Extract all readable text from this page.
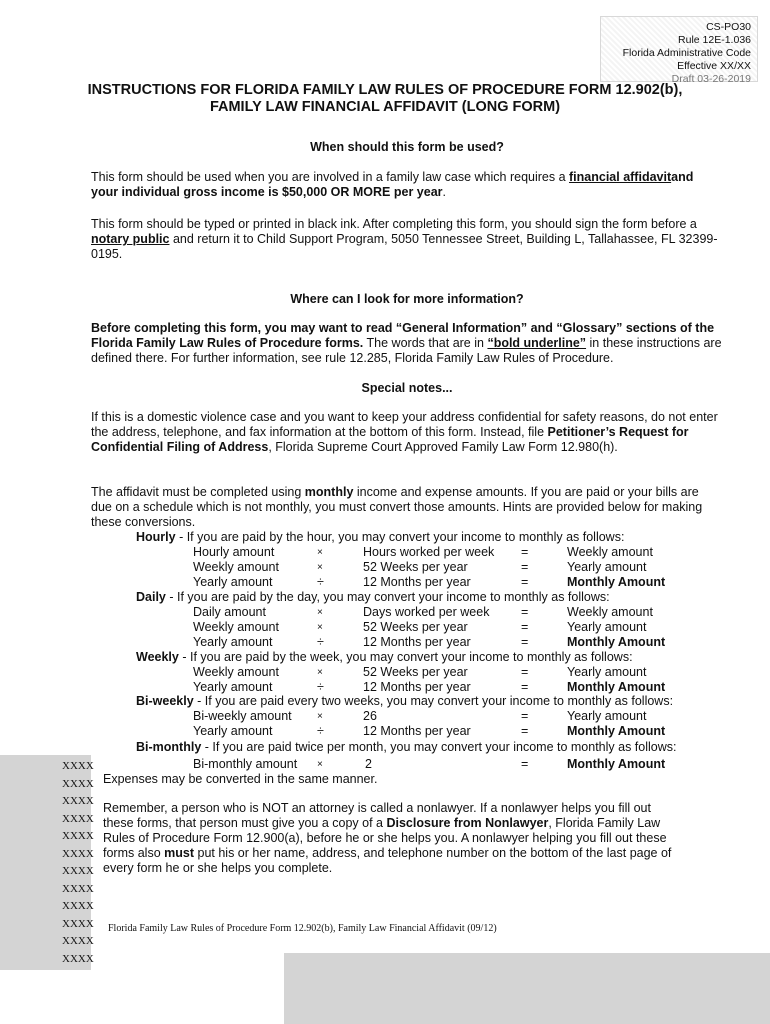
CS-PO30
Rule 12E-1.036
Florida Administrative Code
Effective XX/XX
Draft 03-26-2019
INSTRUCTIONS FOR FLORIDA FAMILY LAW RULES OF PROCEDURE FORM 12.902(b),
FAMILY LAW FINANCIAL AFFIDAVIT (LONG FORM)
When should this form be used?
This form should be used when you are involved in a family law case which requires a financial affidavitand your individual gross income is $50,000 OR MORE per year.
This form should be typed or printed in black ink. After completing this form, you should sign the form before a notary public and return it to Child Support Program, 5050 Tennessee Street, Building L, Tallahassee, FL 32399-0195.
Where can I look for more information?
Before completing this form, you may want to read “General Information” and “Glossary” sections of the Florida Family Law Rules of Procedure forms. The words that are in “bold underline” in these instructions are defined there. For further information, see rule 12.285, Florida Family Law Rules of Procedure.
Special notes...
If this is a domestic violence case and you want to keep your address confidential for safety reasons, do not enter the address, telephone, and fax information at the bottom of this form. Instead, file Petitioner’s Request for Confidential Filing of Address, Florida Supreme Court Approved Family Law Form 12.980(h).
The affidavit must be completed using monthly income and expense amounts. If you are paid or your bills are due on a schedule which is not monthly, you must convert those amounts. Hints are provided below for making these conversions.
Hourly - If you are paid by the hour, you may convert your income to monthly as follows:
Hourly amount	×	Hours worked per week =	Weekly amount
Weekly amount	×	52 Weeks per year	=	Yearly amount
Yearly amount	÷	12 Months per year	=	Monthly Amount
Daily - If you are paid by the day, you may convert your income to monthly as follows:
Daily amount	×	Days worked per week	=	Weekly amount
Weekly amount	×	52 Weeks per year	=	Yearly amount
Yearly amount	÷	12 Months per year	=	Monthly Amount
Weekly - If you are paid by the week, you may convert your income to monthly as follows:
Weekly amount	×	52 Weeks per year	=	Yearly amount
Yearly amount	÷	12 Months per year	=	Monthly Amount
Bi-weekly - If you are paid every two weeks, you may convert your income to monthly as follows:
Bi-weekly amount	×	26	=	Yearly amount
Yearly amount	÷	12 Months per year	=	Monthly Amount
Bi-monthly - If you are paid twice per month, you may convert your income to monthly as follows:
Bi-monthly amount ×	2	=	Monthly Amount
XXXX
XXXX
XXXX
XXXX
XXXX
XXXX
XXXX
XXXX
XXXX
XXXX
XXXX
XXXX
Expenses may be converted in the same manner.
Remember, a person who is NOT an attorney is called a nonlawyer. If a nonlawyer helps you fill out these forms, that person must give you a copy of a Disclosure from Nonlawyer, Florida Family Law Rules of Procedure Form 12.900(a), before he or she helps you. A nonlawyer helping you fill out these forms also must put his or her name, address, and telephone number on the bottom of the last page of every form he or she helps you complete.
Florida Family Law Rules of Procedure Form 12.902(b), Family Law Financial Affidavit (09/12)
